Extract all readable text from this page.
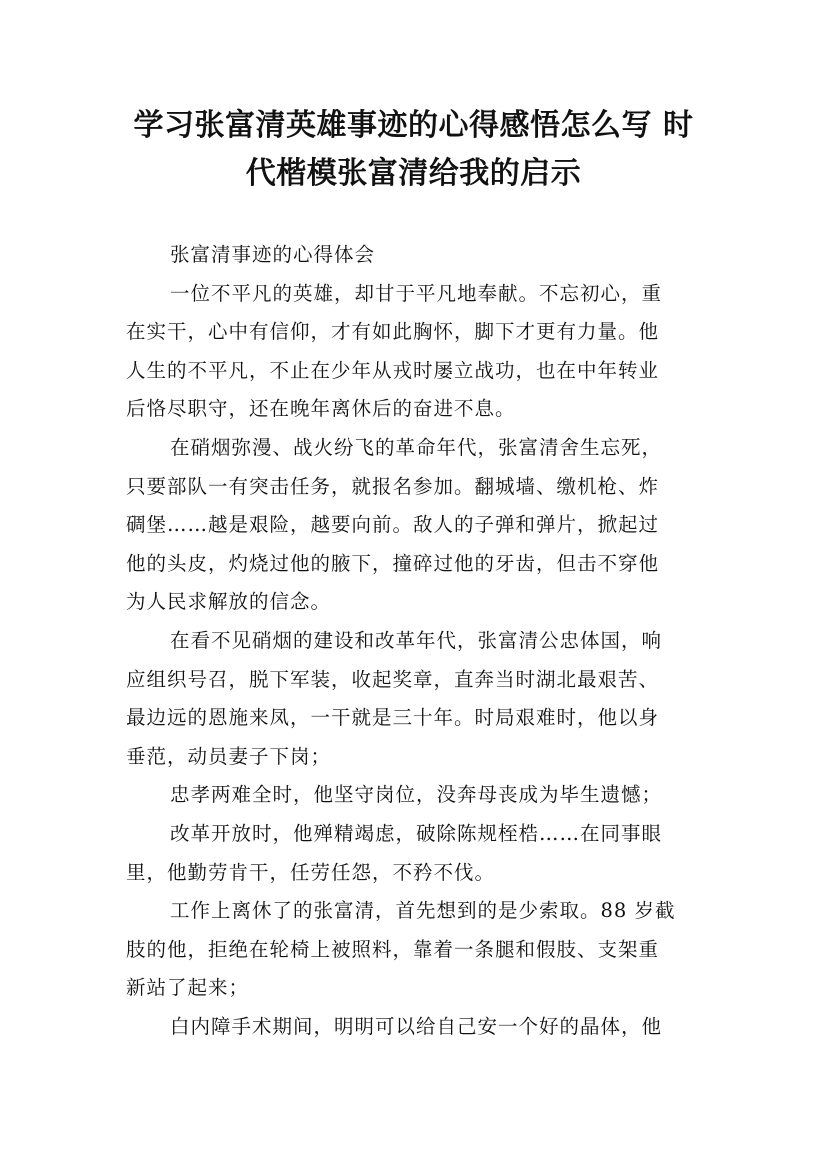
学习张富清英雄事迹的心得感悟怎么写 时
代楷模张富清给我的启示
张富清事迹的心得体会
一位不平凡的英雄，却甘于平凡地奉献。不忘初心，重
在实干，心中有信仰，才有如此胸怀，脚下才更有力量。他
人生的不平凡，不止在少年从戎时屡立战功，也在中年转业
后恪尽职守，还在晚年离休后的奋进不息。
在硝烟弥漫、战火纷飞的革命年代，张富清舍生忘死，
只要部队一有突击任务，就报名参加。翻城墙、缴机枪、炸
碉堡……越是艰险，越要向前。敌人的子弹和弹片，掀起过
他的头皮，灼烧过他的腋下，撞碎过他的牙齿，但击不穿他
为人民求解放的信念。
在看不见硝烟的建设和改革年代，张富清公忠体国，响
应组织号召，脱下军装，收起奖章，直奔当时湖北最艰苦、
最边远的恩施来凤，一干就是三十年。时局艰难时，他以身
垂范，动员妻子下岗；
忠孝两难全时，他坚守岗位，没奔母丧成为毕生遗憾；
改革开放时，他殚精竭虑，破除陈规桎梏……在同事眼
里，他勤劳肯干，任劳任怨，不矜不伐。
工作上离休了的张富清，首先想到的是少索取。88 岁截
肢的他，拒绝在轮椅上被照料，靠着一条腿和假肢、支架重
新站了起来；
白内障手术期间，明明可以给自己安一个好的晶体，他
